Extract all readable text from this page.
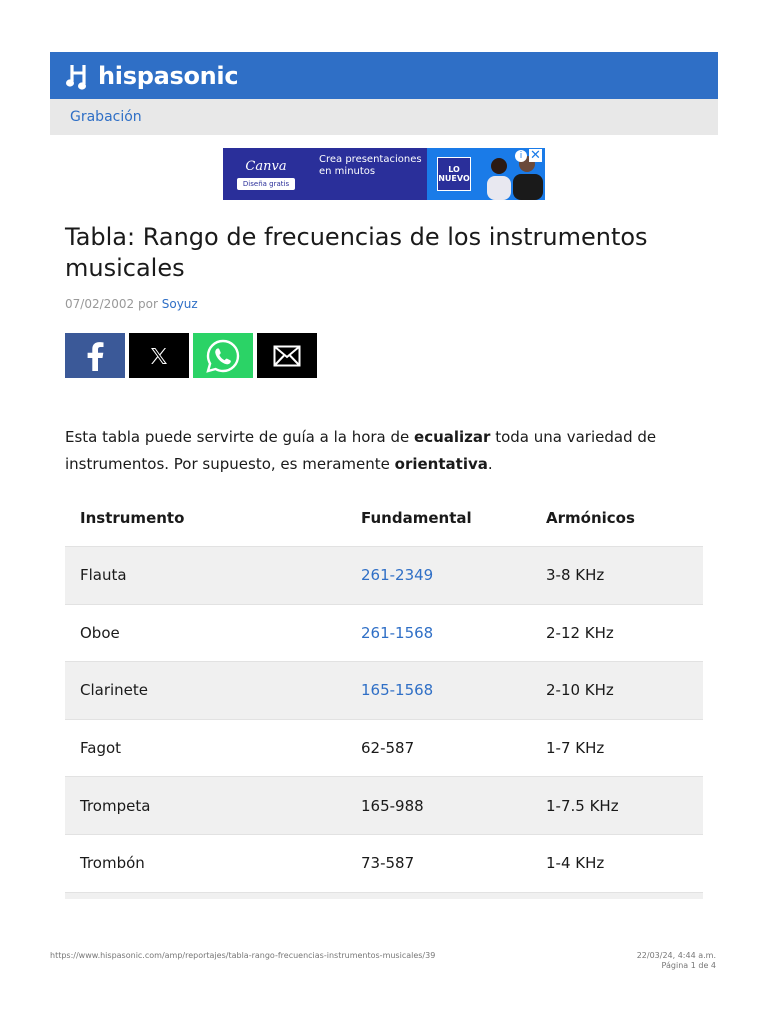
hispasonic
Grabación
Canva
Diseña gratis
Crea presentaciones en minutos	LO
NUEVO
i ✕
Tabla: Rango de frecuencias de los instrumentos musicales
07/02/2002 por Soyuz

Esta tabla puede servirte de guía a la hora de ecualizar toda una variedad de instrumentos. Por supuesto, es meramente orientativa.

Instrumento	Fundamental	Armónicos
Flauta	261-2349	3-8 KHz
Oboe	261-1568	2-12 KHz
Clarinete	165-1568	2-10 KHz
Fagot	62-587	1-7 KHz
Trompeta	165-988	1-7.5 KHz
Trombón	73-587	1-4 KHz
https://www.hispasonic.com/amp/reportajes/tabla-rango-frecuencias-instrumentos-musicales/39	22/03/24, 4:44 a.m.
Página 1 de 4
